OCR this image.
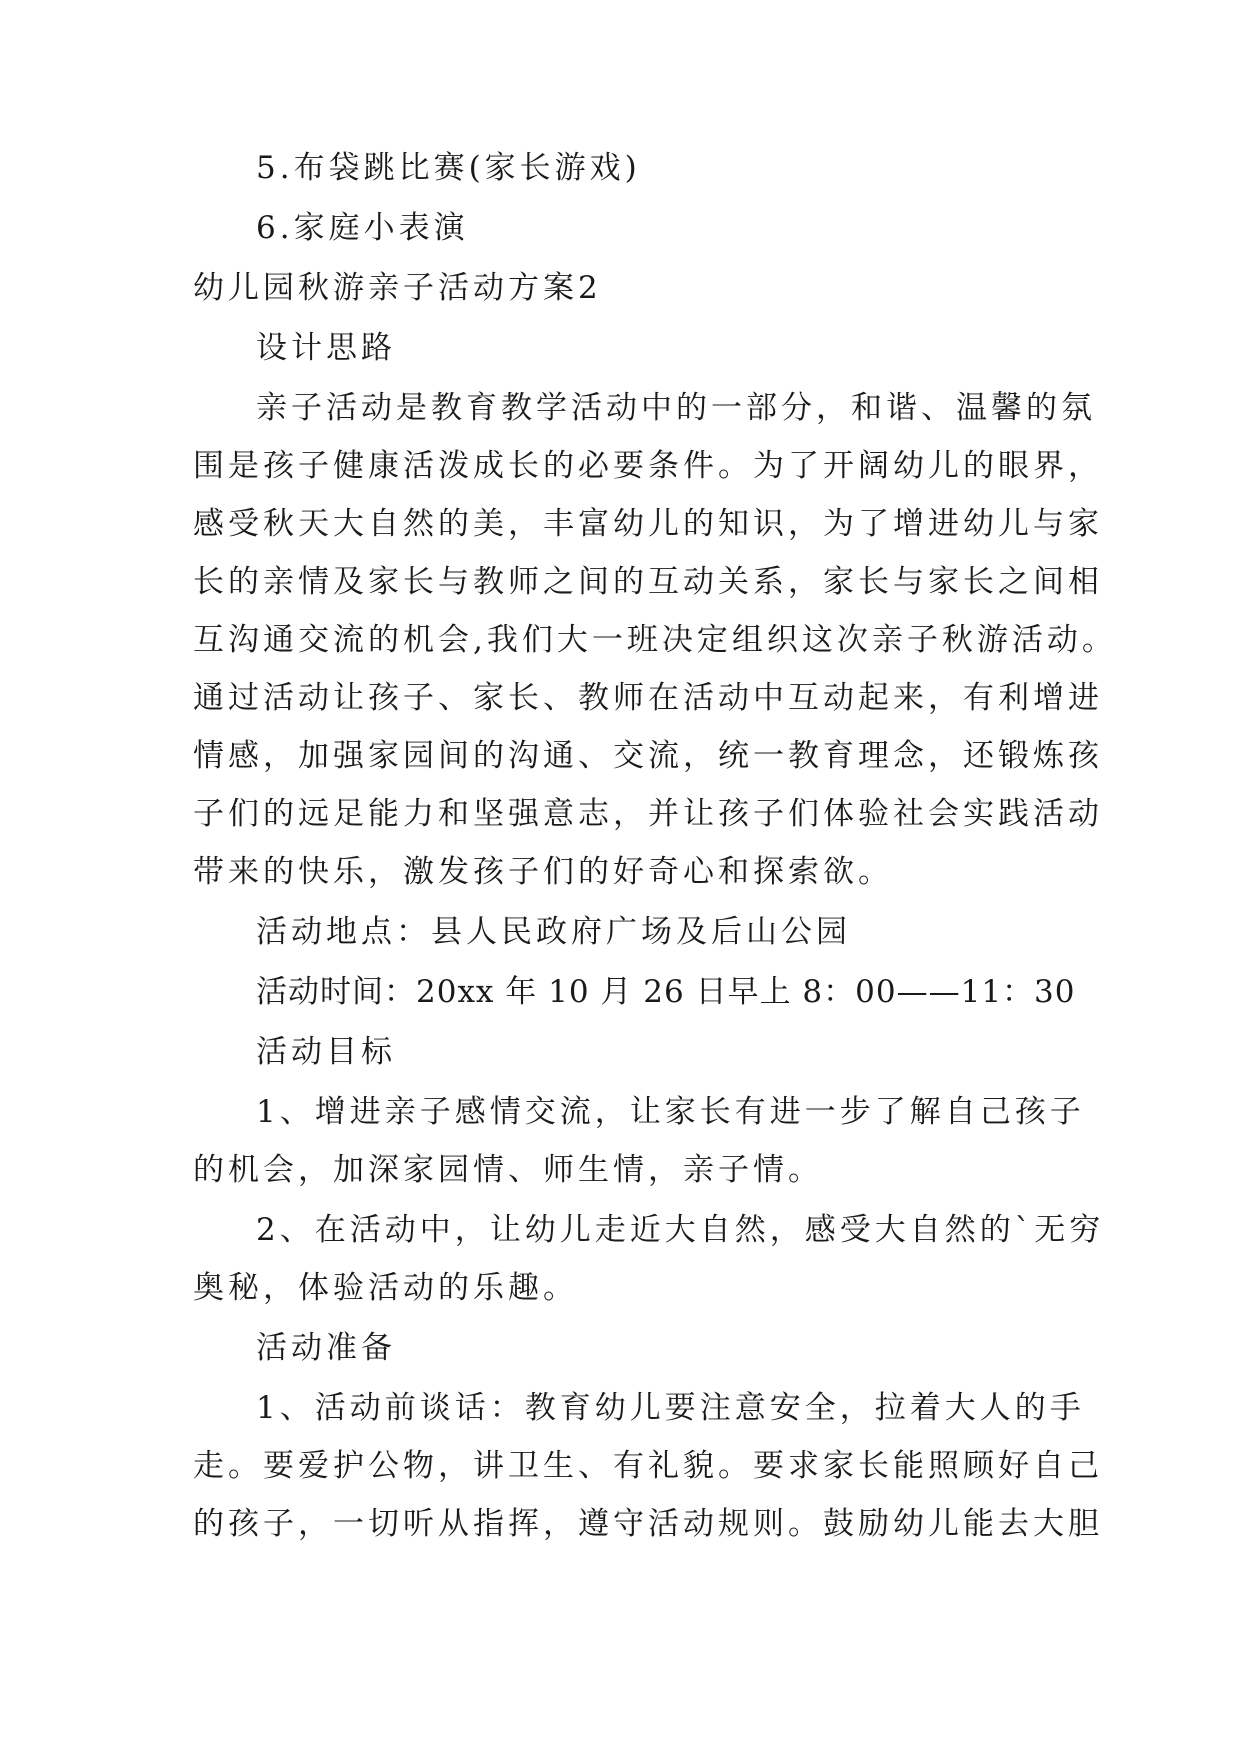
5.布袋跳比赛(家长游戏)
6.家庭小表演
幼儿园秋游亲子活动方案2
设计思路
亲子活动是教育教学活动中的一部分，和谐、温馨的氛
围是孩子健康活泼成长的必要条件。为了开阔幼儿的眼界，
感受秋天大自然的美，丰富幼儿的知识，为了增进幼儿与家
长的亲情及家长与教师之间的互动关系，家长与家长之间相
互沟通交流的机会,我们大一班决定组织这次亲子秋游活动。
通过活动让孩子、家长、教师在活动中互动起来，有利增进
情感，加强家园间的沟通、交流，统一教育理念，还锻炼孩
子们的远足能力和坚强意志，并让孩子们体验社会实践活动
带来的快乐，激发孩子们的好奇心和探索欲。
活动地点：县人民政府广场及后山公园
活动时间：20xx 年 10 月 26 日早上 8：00——11：30
活动目标
1、增进亲子感情交流，让家长有进一步了解自己孩子
的机会，加深家园情、师生情，亲子情。
2、在活动中，让幼儿走近大自然，感受大自然的`无穷
奥秘，体验活动的乐趣。
活动准备
1、活动前谈话：教育幼儿要注意安全，拉着大人的手
走。要爱护公物，讲卫生、有礼貌。要求家长能照顾好自己
的孩子，一切听从指挥，遵守活动规则。鼓励幼儿能去大胆
